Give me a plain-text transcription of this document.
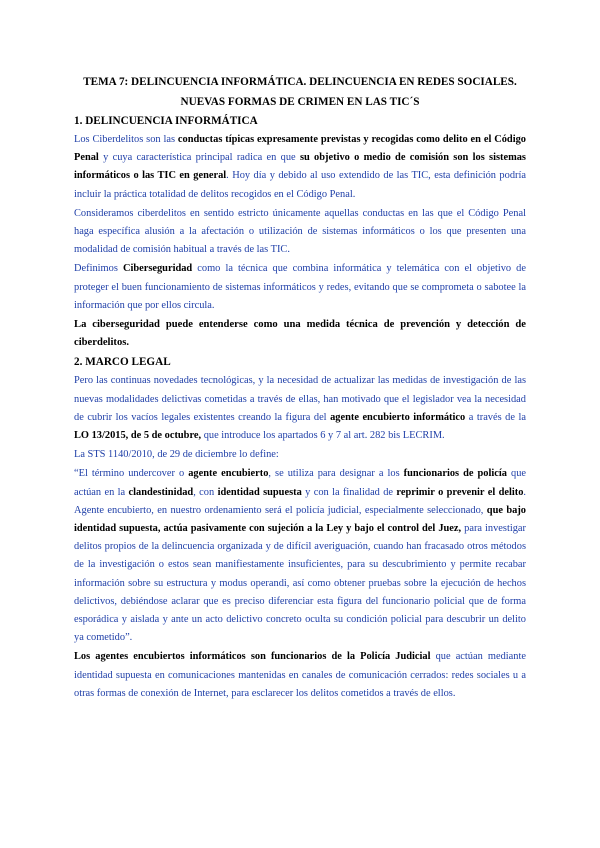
TEMA 7: DELINCUENCIA INFORMÁTICA. DELINCUENCIA EN REDES SOCIALES.
NUEVAS FORMAS DE CRIMEN EN LAS TIC´S
1. DELINCUENCIA INFORMÁTICA

Los Ciberdelitos son las conductas típicas expresamente previstas y recogidas como delito en el Código Penal y cuya característica principal radica en que su objetivo o medio de comisión son los sistemas informáticos o las TIC en general. Hoy día y debido al uso extendido de las TIC, esta definición podría incluir la práctica totalidad de delitos recogidos en el Código Penal.

Consideramos ciberdelitos en sentido estricto únicamente aquellas conductas en las que el Código Penal haga específica alusión a la afectación o utilización de sistemas informáticos o los que presenten una modalidad de comisión habitual a través de las TIC.

Definimos Ciberseguridad como la técnica que combina informática y telemática con el objetivo de proteger el buen funcionamiento de sistemas informáticos y redes, evitando que se comprometa o sabotee la información que por ellos circula.

La ciberseguridad puede entenderse como una medida técnica de prevención y detección de ciberdelitos.

2. MARCO LEGAL

Pero las continuas novedades tecnológicas, y la necesidad de actualizar las medidas de investigación de las nuevas modalidades delictivas cometidas a través de ellas, han motivado que el legislador vea la necesidad de cubrir los vacíos legales existentes creando la figura del agente encubierto informático a través de la LO 13/2015, de 5 de octubre, que introduce los apartados 6 y 7 al art. 282 bis LECRIM.

La STS 1140/2010, de 29 de diciembre lo define:

“El término undercover o agente encubierto, se utiliza para designar a los funcionarios de policía que actúan en la clandestinidad, con identidad supuesta y con la finalidad de reprimir o prevenir el delito. Agente encubierto, en nuestro ordenamiento será el policía judicial, especialmente seleccionado, que bajo identidad supuesta, actúa pasivamente con sujeción a la Ley y bajo el control del Juez, para investigar delitos propios de la delincuencia organizada y de difícil averiguación, cuando han fracasado otros métodos de la investigación o estos sean manifiestamente insuficientes, para su descubrimiento y permite recabar información sobre su estructura y modus operandi, así como obtener pruebas sobre la ejecución de hechos delictivos, debiéndose aclarar que es preciso diferenciar esta figura del funcionario policial que de forma esporádica y aislada y ante un acto delictivo concreto oculta su condición policial para descubrir un delito ya cometido”.

Los agentes encubiertos informáticos son funcionarios de la Policía Judicial que actúan mediante identidad supuesta en comunicaciones mantenidas en canales de comunicación cerrados: redes sociales u a otras formas de conexión de Internet, para esclarecer los delitos cometidos a través de ellos.
